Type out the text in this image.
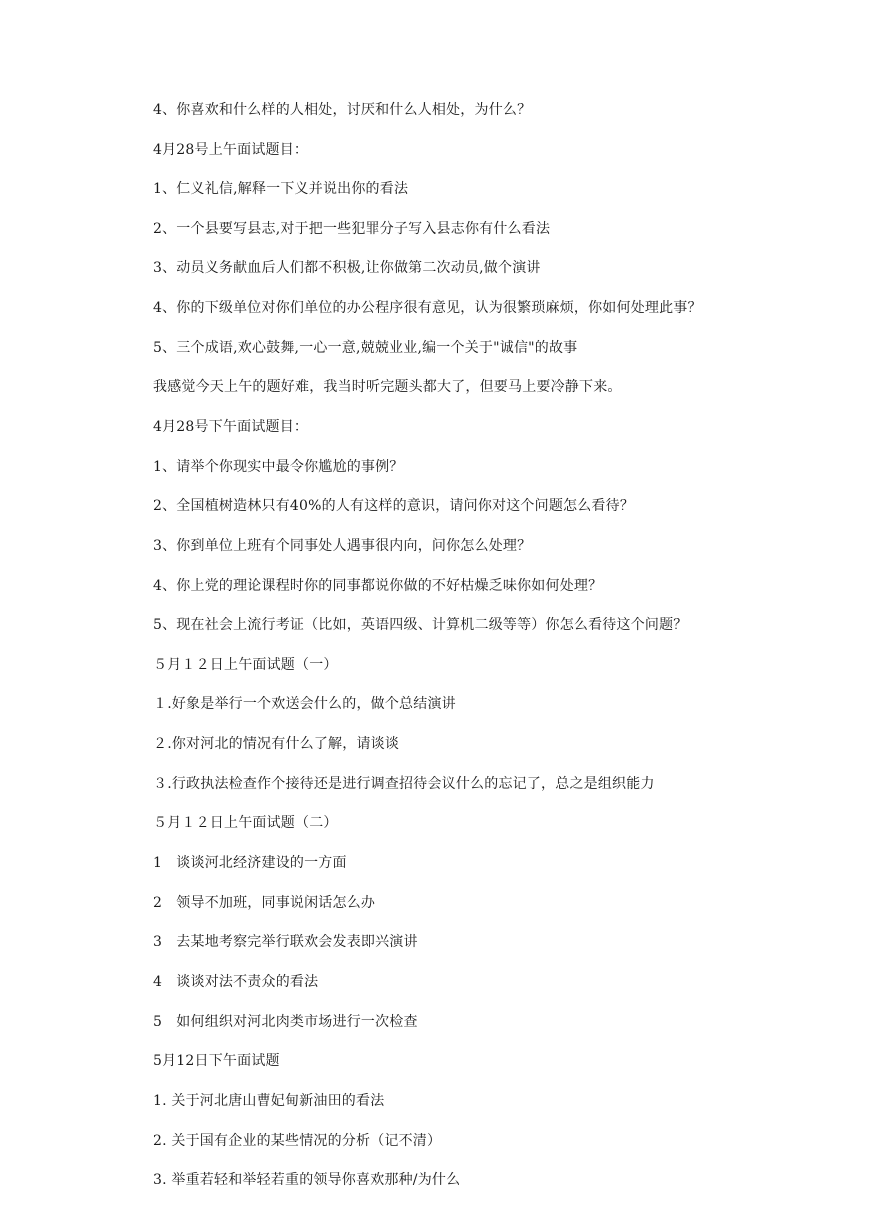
4、你喜欢和什么样的人相处，讨厌和什么人相处，为什么？
4月28号上午面试题目：
1、仁义礼信,解释一下义并说出你的看法
2、一个县要写县志,对于把一些犯罪分子写入县志你有什么看法
3、动员义务献血后人们都不积极,让你做第二次动员,做个演讲
4、你的下级单位对你们单位的办公程序很有意见，认为很繁琐麻烦，你如何处理此事？
5、三个成语,欢心鼓舞,一心一意,兢兢业业,编一个关于"诚信"的故事
我感觉今天上午的题好难，我当时听完题头都大了，但要马上要冷静下来。
4月28号下午面试题目：
1、请举个你现实中最令你尴尬的事例？
2、全国植树造林只有40%的人有这样的意识，请问你对这个问题怎么看待？
3、你到单位上班有个同事处人遇事很内向，问你怎么处理？
4、你上党的理论课程时你的同事都说你做的不好枯燥乏味你如何处理？
5、现在社会上流行考证（比如，英语四级、计算机二级等等）你怎么看待这个问题？
５月１２日上午面试题（一）
１.好象是举行一个欢送会什么的，做个总结演讲
２.你对河北的情况有什么了解，请谈谈
３.行政执法检查作个接待还是进行调查招待会议什么的忘记了，总之是组织能力
５月１２日上午面试题（二）
1　谈谈河北经济建设的一方面
2　领导不加班，同事说闲话怎么办
3　去某地考察完举行联欢会发表即兴演讲
4　谈谈对法不责众的看法
5　如何组织对河北肉类市场进行一次检查
5月12日下午面试题
1. 关于河北唐山曹妃甸新油田的看法
2. 关于国有企业的某些情况的分析（记不清）
3. 举重若轻和举轻若重的领导你喜欢那种/为什么
